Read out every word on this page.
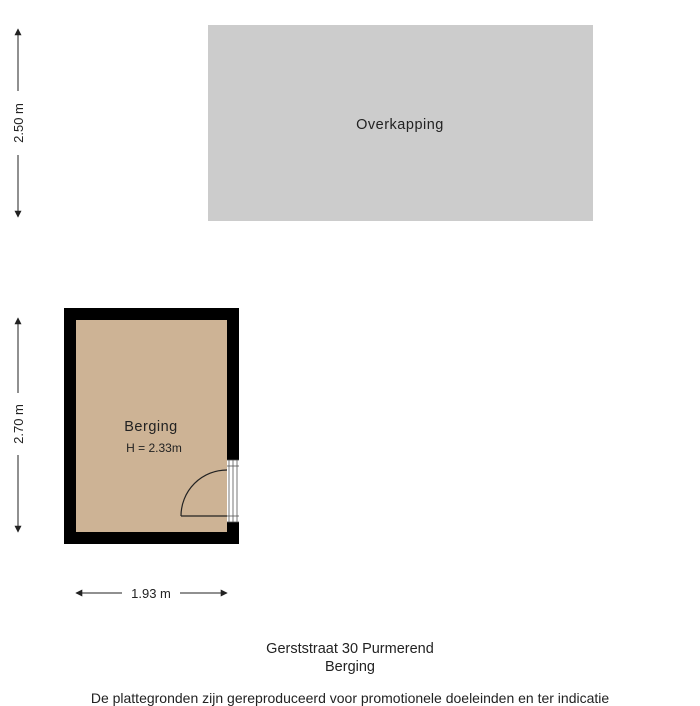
Overkapping
2.50 m
Berging
H = 2.33m
2.70 m
1.93 m
Gerststraat 30 Purmerend
Berging
De plattegronden zijn gereproduceerd voor promotionele doeleinden en ter indicatie
